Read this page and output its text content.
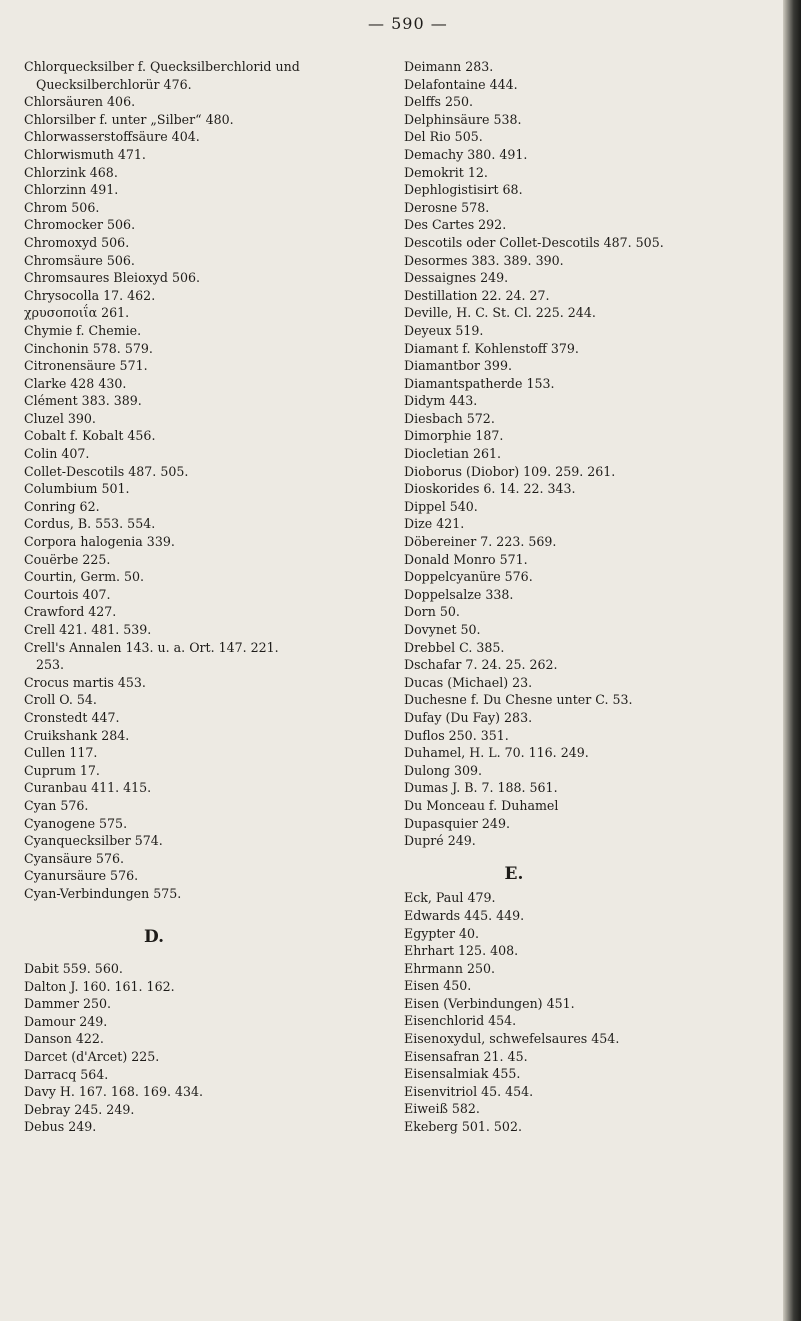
— 590 —
Chlorquecksilber f. Quecksilberchlorid und
Quecksilberchlorür 476.
Chlorsäuren 406.
Chlorsilber f. unter „Silber“ 480.
Chlorwasserstoffsäure 404.
Chlorwismuth 471.
Chlorzink 468.
Chlorzinn 491.
Chrom 506.
Chromocker 506.
Chromoxyd 506.
Chromsäure 506.
Chromsaures Bleioxyd 506.
Chrysocolla 17. 462.
χρυσοποιΐα 261.
Chymie f. Chemie.
Cinchonin 578. 579.
Citronensäure 571.
Clarke 428 430.
Clément 383. 389.
Cluzel 390.
Cobalt f. Kobalt 456.
Colin 407.
Collet-Descotils 487. 505.
Columbium 501.
Conring 62.
Cordus, B. 553. 554.
Corpora halogenia 339.
Couërbe 225.
Courtin, Germ. 50.
Courtois 407.
Crawford 427.
Crell 421. 481. 539.
Crell's Annalen 143. u. a. Ort. 147. 221.
253.
Crocus martis 453.
Croll O. 54.
Cronstedt 447.
Cruikshank 284.
Cullen 117.
Cuprum 17.
Curanbau 411. 415.
Cyan 576.
Cyanogene 575.
Cyanquecksilber 574.
Cyansäure 576.
Cyanursäure 576.
Cyan-Verbindungen 575.
D.
Dabit 559. 560.
Dalton J. 160. 161. 162.
Dammer 250.
Damour 249.
Danson 422.
Darcet (d'Arcet) 225.
Darracq 564.
Davy H. 167. 168. 169. 434.
Debray 245. 249.
Debus 249.
Deimann 283.
Delafontaine 444.
Delffs 250.
Delphinsäure 538.
Del Rio 505.
Demachy 380. 491.
Demokrit 12.
Dephlogistisirt 68.
Derosne 578.
Des Cartes 292.
Descotils oder Collet-Descotils 487. 505.
Desormes 383. 389. 390.
Dessaignes 249.
Destillation 22. 24. 27.
Deville, H. C. St. Cl. 225. 244.
Deyeux 519.
Diamant f. Kohlenstoff 379.
Diamantbor 399.
Diamantspatherde 153.
Didym 443.
Diesbach 572.
Dimorphie 187.
Diocletian 261.
Dioborus (Diobor) 109. 259. 261.
Dioskorides 6. 14. 22. 343.
Dippel 540.
Dize 421.
Döbereiner 7. 223. 569.
Donald Monro 571.
Doppelcyanüre 576.
Doppelsalze 338.
Dorn 50.
Dovynet 50.
Drebbel C. 385.
Dschafar 7. 24. 25. 262.
Ducas (Michael) 23.
Duchesne f. Du Chesne unter C. 53.
Dufay (Du Fay) 283.
Duflos 250. 351.
Duhamel, H. L. 70. 116. 249.
Dulong 309.
Dumas J. B. 7. 188. 561.
Du Monceau f. Duhamel
Dupasquier 249.
Dupré 249.
E.
Eck, Paul 479.
Edwards 445. 449.
Egypter 40.
Ehrhart 125. 408.
Ehrmann 250.
Eisen 450.
Eisen (Verbindungen) 451.
Eisenchlorid 454.
Eisenoxydul, schwefelsaures 454.
Eisensafran 21. 45.
Eisensalmiak 455.
Eisenvitriol 45. 454.
Eiweiß 582.
Ekeberg 501. 502.
